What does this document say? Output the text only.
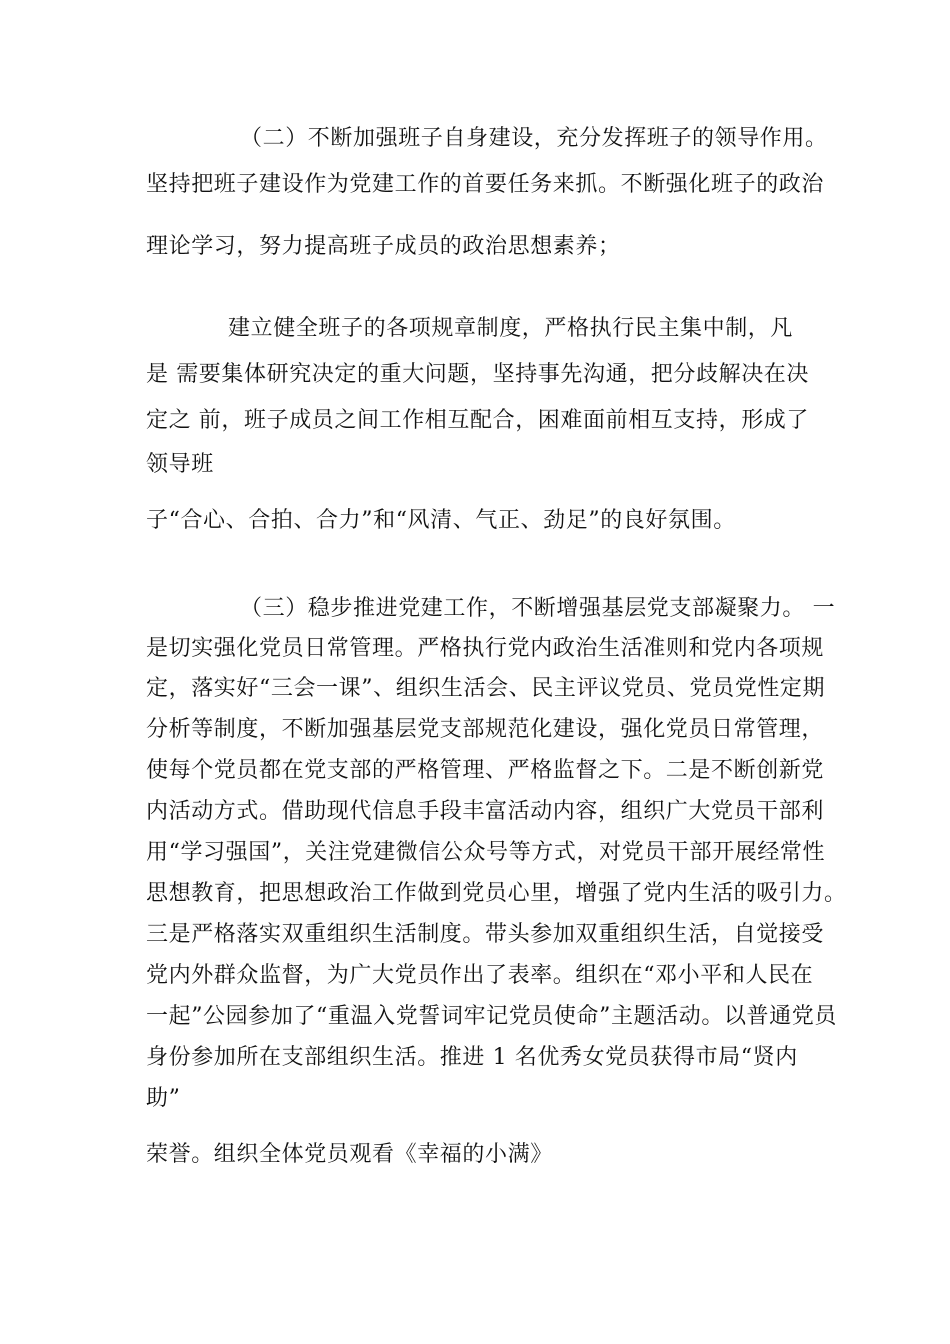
（二）不断加强班子自身建设，充分发挥班子的领导作用。
坚持把班子建设作为党建工作的首要任务来抓。不断强化班子的政治
理论学习，努力提高班子成员的政治思想素养；
建立健全班子的各项规章制度，严格执行民主集中制，凡
是 需要集体研究决定的重大问题，坚持事先沟通，把分歧解决在决
定之 前，班子成员之间工作相互配合，困难面前相互支持，形成了
领导班
子“合心、合拍、合力”和“风清、气正、劲足”的良好氛围。
（三）稳步推进党建工作，不断增强基层党支部凝聚力。 一
是切实强化党员日常管理。严格执行党内政治生活准则和党内各项规
定，落实好“三会一课”、组织生活会、民主评议党员、党员党性定期
分析等制度，不断加强基层党支部规范化建设，强化党员日常管理，
使每个党员都在党支部的严格管理、严格监督之下。二是不断创新党
内活动方式。借助现代信息手段丰富活动内容，组织广大党员干部利
用“学习强国”，关注党建微信公众号等方式，对党员干部开展经常性
思想教育，把思想政治工作做到党员心里，增强了党内生活的吸引力。
三是严格落实双重组织生活制度。带头参加双重组织生活，自觉接受
党内外群众监督，为广大党员作出了表率。组织在“邓小平和人民在
一起”公园参加了“重温入党誓词牢记党员使命”主题活动。以普通党员
身份参加所在支部组织生活。推进 1 名优秀女党员获得市局“贤内
助”
荣誉。组织全体党员观看《幸福的小满》
